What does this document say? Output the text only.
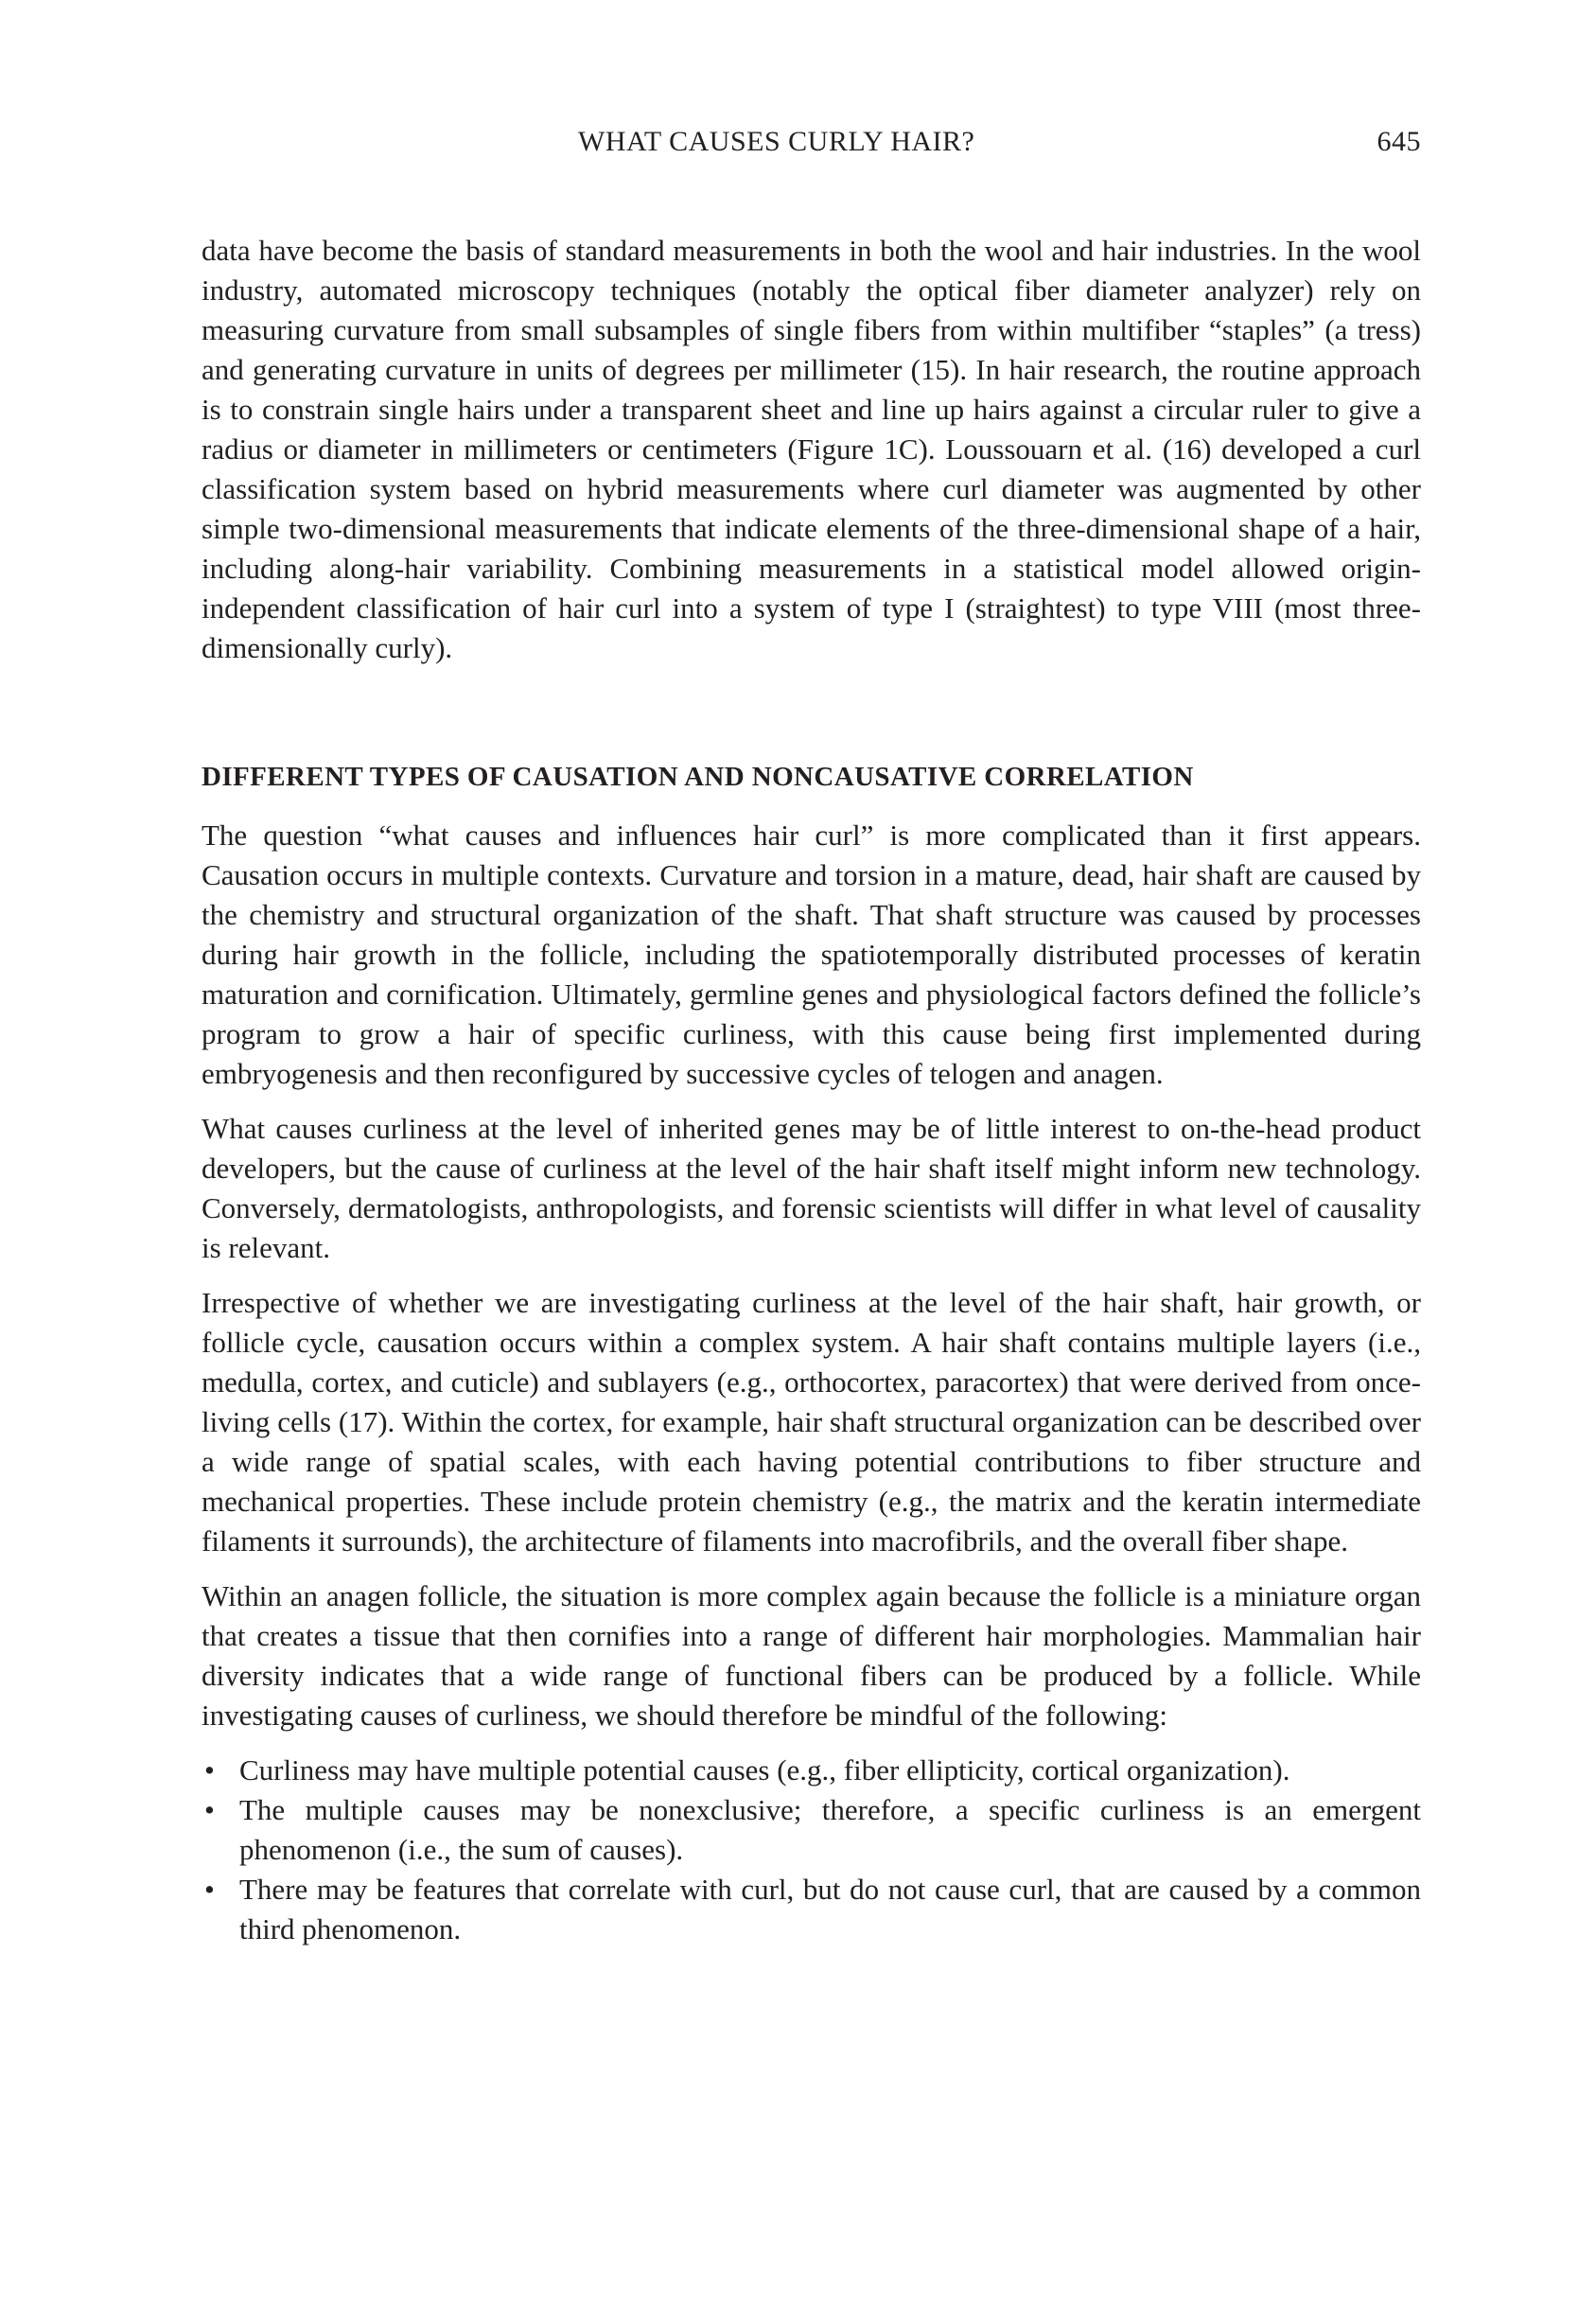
WHAT CAUSES CURLY HAIR?	645

data have become the basis of standard measurements in both the wool and hair industries. In the wool industry, automated microscopy techniques (notably the optical fiber diameter analyzer) rely on measuring curvature from small subsamples of single fibers from within multifiber “staples” (a tress) and generating curvature in units of degrees per millimeter (15). In hair research, the routine approach is to constrain single hairs under a transparent sheet and line up hairs against a circular ruler to give a radius or diameter in millimeters or centimeters (Figure 1C). Loussouarn et al. (16) developed a curl classification system based on hybrid measurements where curl diameter was augmented by other simple two-dimensional measurements that indicate elements of the three-dimensional shape of a hair, including along-hair variability. Combining measurements in a statistical model allowed origin-independent classification of hair curl into a system of type I (straightest) to type VIII (most three-dimensionally curly).

DIFFERENT TYPES OF CAUSATION AND NONCAUSATIVE CORRELATION

The question “what causes and influences hair curl” is more complicated than it first appears. Causation occurs in multiple contexts. Curvature and torsion in a mature, dead, hair shaft are caused by the chemistry and structural organization of the shaft. That shaft structure was caused by processes during hair growth in the follicle, including the spatiotemporally distributed processes of keratin maturation and cornification. Ultimately, germline genes and physiological factors defined the follicle’s program to grow a hair of specific curliness, with this cause being first implemented during embryogenesis and then reconfigured by successive cycles of telogen and anagen.

What causes curliness at the level of inherited genes may be of little interest to on-the-head product developers, but the cause of curliness at the level of the hair shaft itself might inform new technology. Conversely, dermatologists, anthropologists, and forensic scientists will differ in what level of causality is relevant.

Irrespective of whether we are investigating curliness at the level of the hair shaft, hair growth, or follicle cycle, causation occurs within a complex system. A hair shaft contains multiple layers (i.e., medulla, cortex, and cuticle) and sublayers (e.g., orthocortex, paracortex) that were derived from once-living cells (17). Within the cortex, for example, hair shaft structural organization can be described over a wide range of spatial scales, with each having potential contributions to fiber structure and mechanical properties. These include protein chemistry (e.g., the matrix and the keratin intermediate filaments it surrounds), the architecture of filaments into macrofibrils, and the overall fiber shape.

Within an anagen follicle, the situation is more complex again because the follicle is a miniature organ that creates a tissue that then cornifies into a range of different hair morphologies. Mammalian hair diversity indicates that a wide range of functional fibers can be produced by a follicle. While investigating causes of curliness, we should therefore be mindful of the following:

• Curliness may have multiple potential causes (e.g., fiber ellipticity, cortical organization).
• The multiple causes may be nonexclusive; therefore, a specific curliness is an emergent phenomenon (i.e., the sum of causes).
• There may be features that correlate with curl, but do not cause curl, that are caused by a common third phenomenon.
